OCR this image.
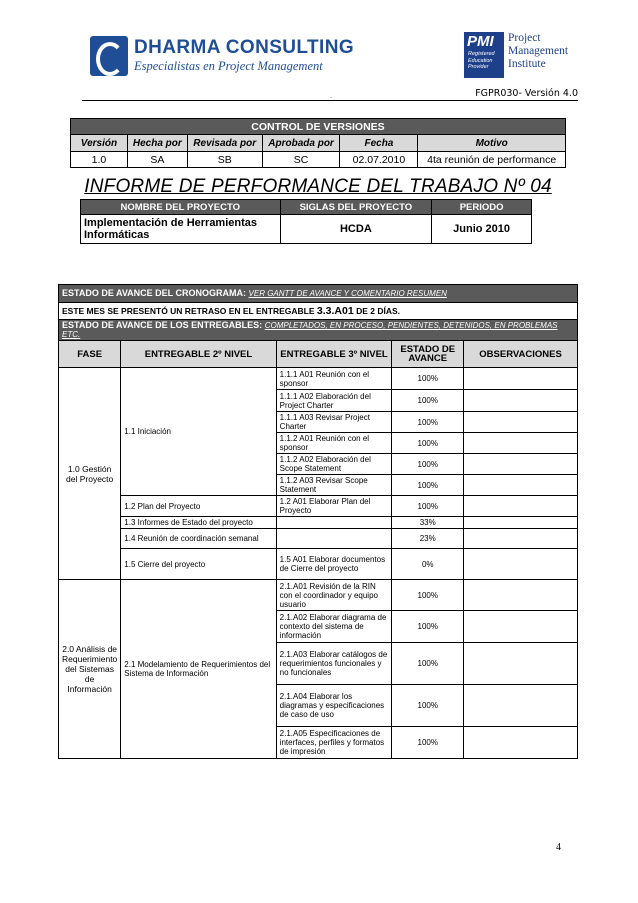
DHARMA CONSULTING
Especialistas en Project Management
PMI
Registered
Education
Provider
Project
Management
Institute
.	FGPR030- Versión 4.0
CONTROL DE VERSIONES					
Versión	Hecha por	Revisada por	Aprobada por	Fecha	Motivo
1.0	SA	SB	SC	02.07.2010	4ta reunión de performance
INFORME DE PERFORMANCE DEL TRABAJO Nº 04
NOMBRE DEL PROYECTO	SIGLAS DEL PROYECTO	PERIODO
Implementación de Herramientas Informáticas	HCDA	Junio 2010
ESTADO DE AVANCE DEL CRONOGRAMA: VER GANTT DE AVANCE Y COMENTARIO RESUMEN				
ESTE MES SE PRESENTÓ UN RETRASO EN EL ENTREGABLE 3.3.A01 DE 2 DÍAS.				
ESTADO DE AVANCE DE LOS ENTREGABLES: COMPLETADOS, EN PROCESO, PENDIENTES, DETENIDOS, EN PROBLEMAS ETC.				
FASE	ENTREGABLE 2º NIVEL	ENTREGABLE 3º NIVEL	ESTADO DE AVANCE	OBSERVACIONES
1.0 Gestión del Proyecto	1.1 Iniciación	1.1.1 A01 Reunión con el sponsor	100%	
		1.1.1 A02 Elaboración del Project Charter	100%	
		1.1.1 A03 Revisar Project Charter	100%	
		1.1.2 A01 Reunión con el sponsor	100%	
		1.1.2 A02 Elaboración del Scope Statement	100%	
		1.1.2 A03 Revisar Scope Statement	100%	
	1.2 Plan del Proyecto	1.2 A01 Elaborar Plan del Proyecto	100%	
	1.3 Informes de Estado del proyecto		33%	
	1.4 Reunión de coordinación semanal		23%	
	1.5 Cierre del proyecto	1.5 A01 Elaborar documentos de Cierre del proyecto	0%	
2.0 Análisis de Requerimiento del Sistemas de Información	2.1 Modelamiento de Requerimientos del Sistema de Información	2.1.A01 Revisión de la RIN con el coordinador y equipo usuario	100%	
		2.1.A02 Elaborar diagrama de contexto del sistema de información	100%	
		2.1.A03 Elaborar catálogos de requerimientos funcionales y no funcionales	100%	
		2.1.A04 Elaborar los diagramas y especificaciones de caso de uso	100%	
		2.1.A05 Especificaciones de interfaces, perfiles y formatos de impresión	100%	
4
